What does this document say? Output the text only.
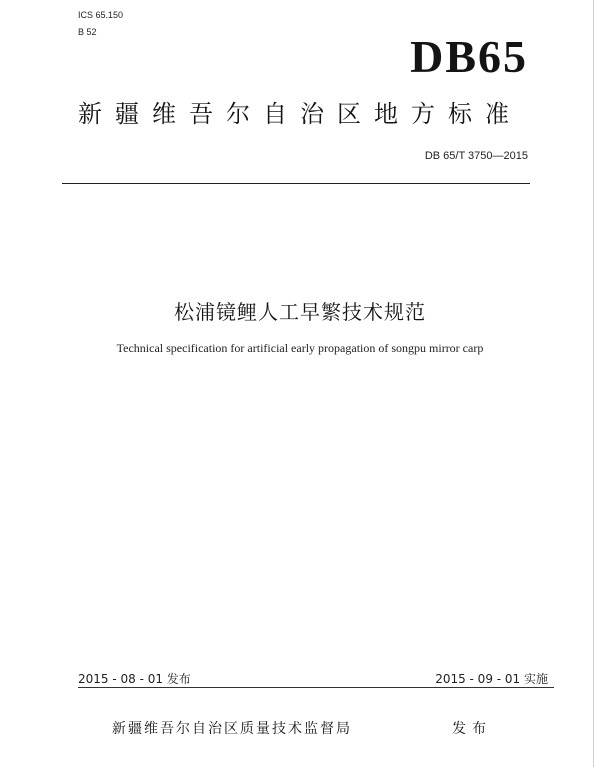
ICS 65.150
B 52	DB65
新疆维吾尔自治区地方标准
DB 65/T 3750—2015
松浦镜鲤人工早繁技术规范
Technical specification for artificial early propagation of songpu mirror carp
2015 - 08 - 01 发布	2015 - 09 - 01 实施
新疆维吾尔自治区质量技术监督局	发布
